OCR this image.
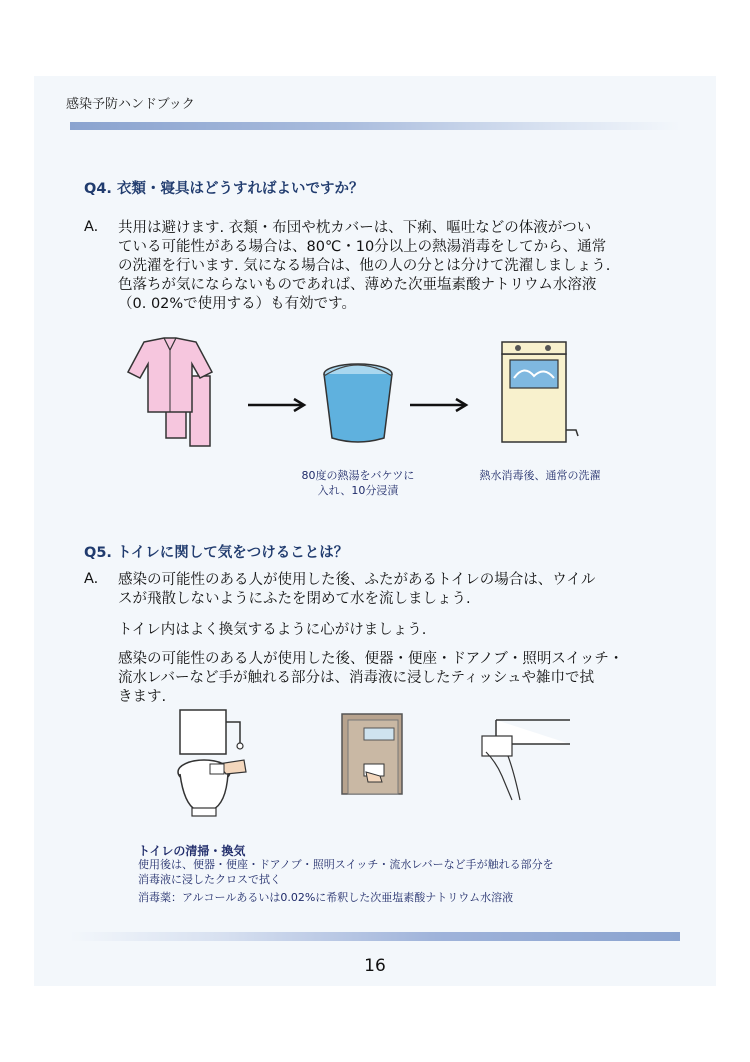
感染予防ハンドブック
Q4. 衣類・寝具はどうすればよいですか？
A. 共用は避けます. 衣類・布団や枕カバーは、下痢、嘔吐などの体液がつい
ている可能性がある場合は、80℃・10分以上の熱湯消毒をしてから、通常
の洗濯を行います. 気になる場合は、他の人の分とは分けて洗濯しましょう.
色落ちが気にならないものであれば、薄めた次亜塩素酸ナトリウム水溶液
（0. 02%で使用する）も有効です。
80度の熱湯をバケツに
入れ、10分浸漬
熱水消毒後、通常の洗濯
Q5. トイレに関して気をつけることは？
A. 感染の可能性のある人が使用した後、ふたがあるトイレの場合は、ウイル
スが飛散しないようにふたを閉めて水を流しましょう.
トイレ内はよく換気するように心がけましょう.
感染の可能性のある人が使用した後、便器・便座・ドアノブ・照明スイッチ・
流水レバーなど手が触れる部分は、消毒液に浸したティッシュや雑巾で拭
きます.
トイレの清掃・換気
使用後は、便器・便座・ドアノブ・照明スイッチ・流水レバーなど手が触れる部分を
消毒液に浸したクロスで拭く
消毒薬：アルコールあるいは0.02%に希釈した次亜塩素酸ナトリウム水溶液
16
